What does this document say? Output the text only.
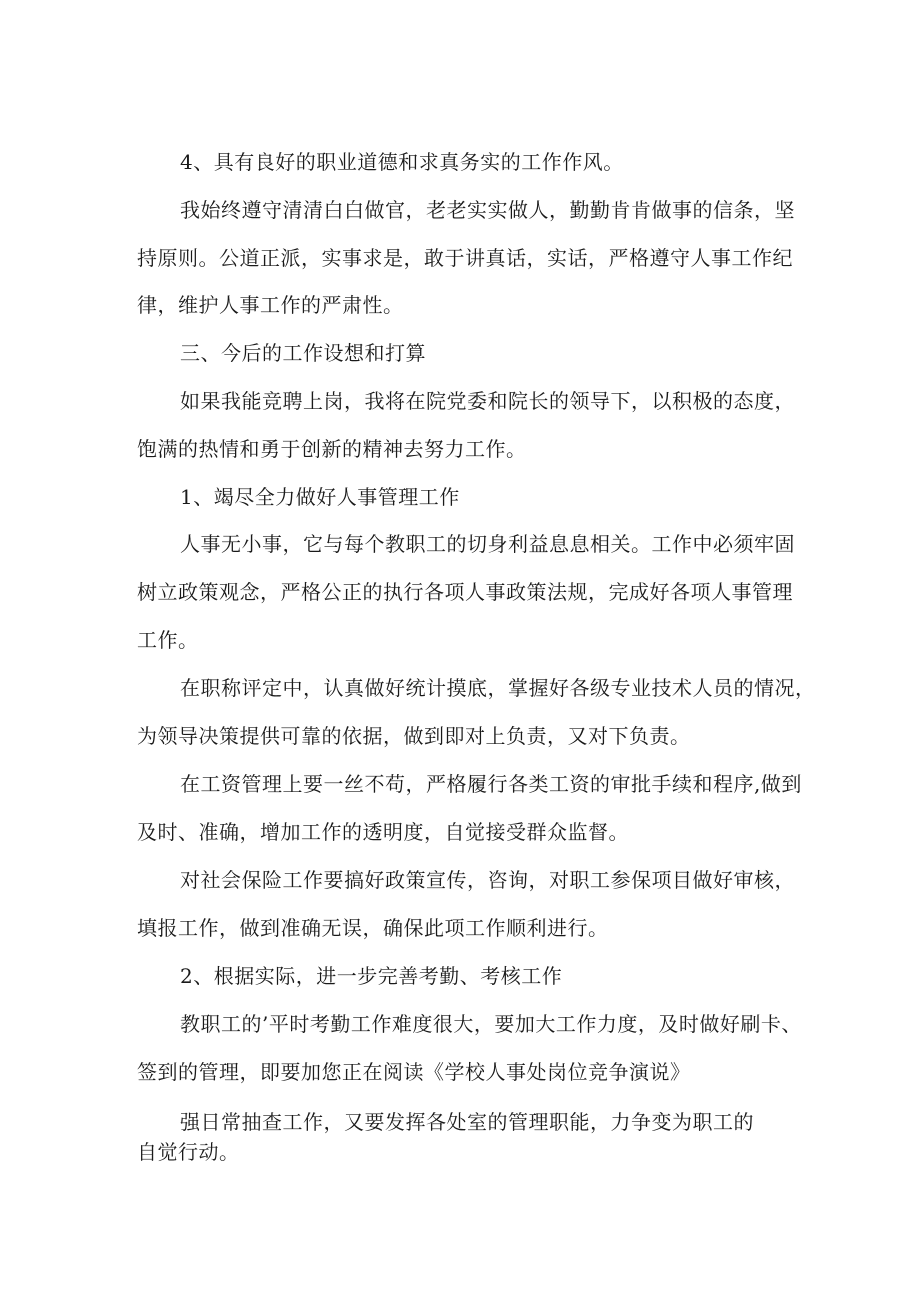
4、具有良好的职业道德和求真务实的工作作风。
我始终遵守清清白白做官，老老实实做人，勤勤肯肯做事的信条，坚
持原则。公道正派，实事求是，敢于讲真话，实话，严格遵守人事工作纪
律，维护人事工作的严肃性。
三、今后的工作设想和打算
如果我能竞聘上岗，我将在院党委和院长的领导下，以积极的态度，
饱满的热情和勇于创新的精神去努力工作。
1、竭尽全力做好人事管理工作
人事无小事，它与每个教职工的切身利益息息相关。工作中必须牢固
树立政策观念，严格公正的执行各项人事政策法规，完成好各项人事管理
工作。
在职称评定中，认真做好统计摸底，掌握好各级专业技术人员的情况，
为领导决策提供可靠的依据，做到即对上负责，又对下负责。
在工资管理上要一丝不苟，严格履行各类工资的审批手续和程序,做到
及时、准确，增加工作的透明度，自觉接受群众监督。
对社会保险工作要搞好政策宣传，咨询，对职工参保项目做好审核，
填报工作，做到准确无误，确保此项工作顺利进行。
2、根据实际，进一步完善考勤、考核工作
教职工的’平时考勤工作难度很大，要加大工作力度，及时做好刷卡、
签到的管理，即要加您正在阅读《学校人事处岗位竞争演说》
强日常抽查工作，又要发挥各处室的管理职能，力争变为职工的
自觉行动。
